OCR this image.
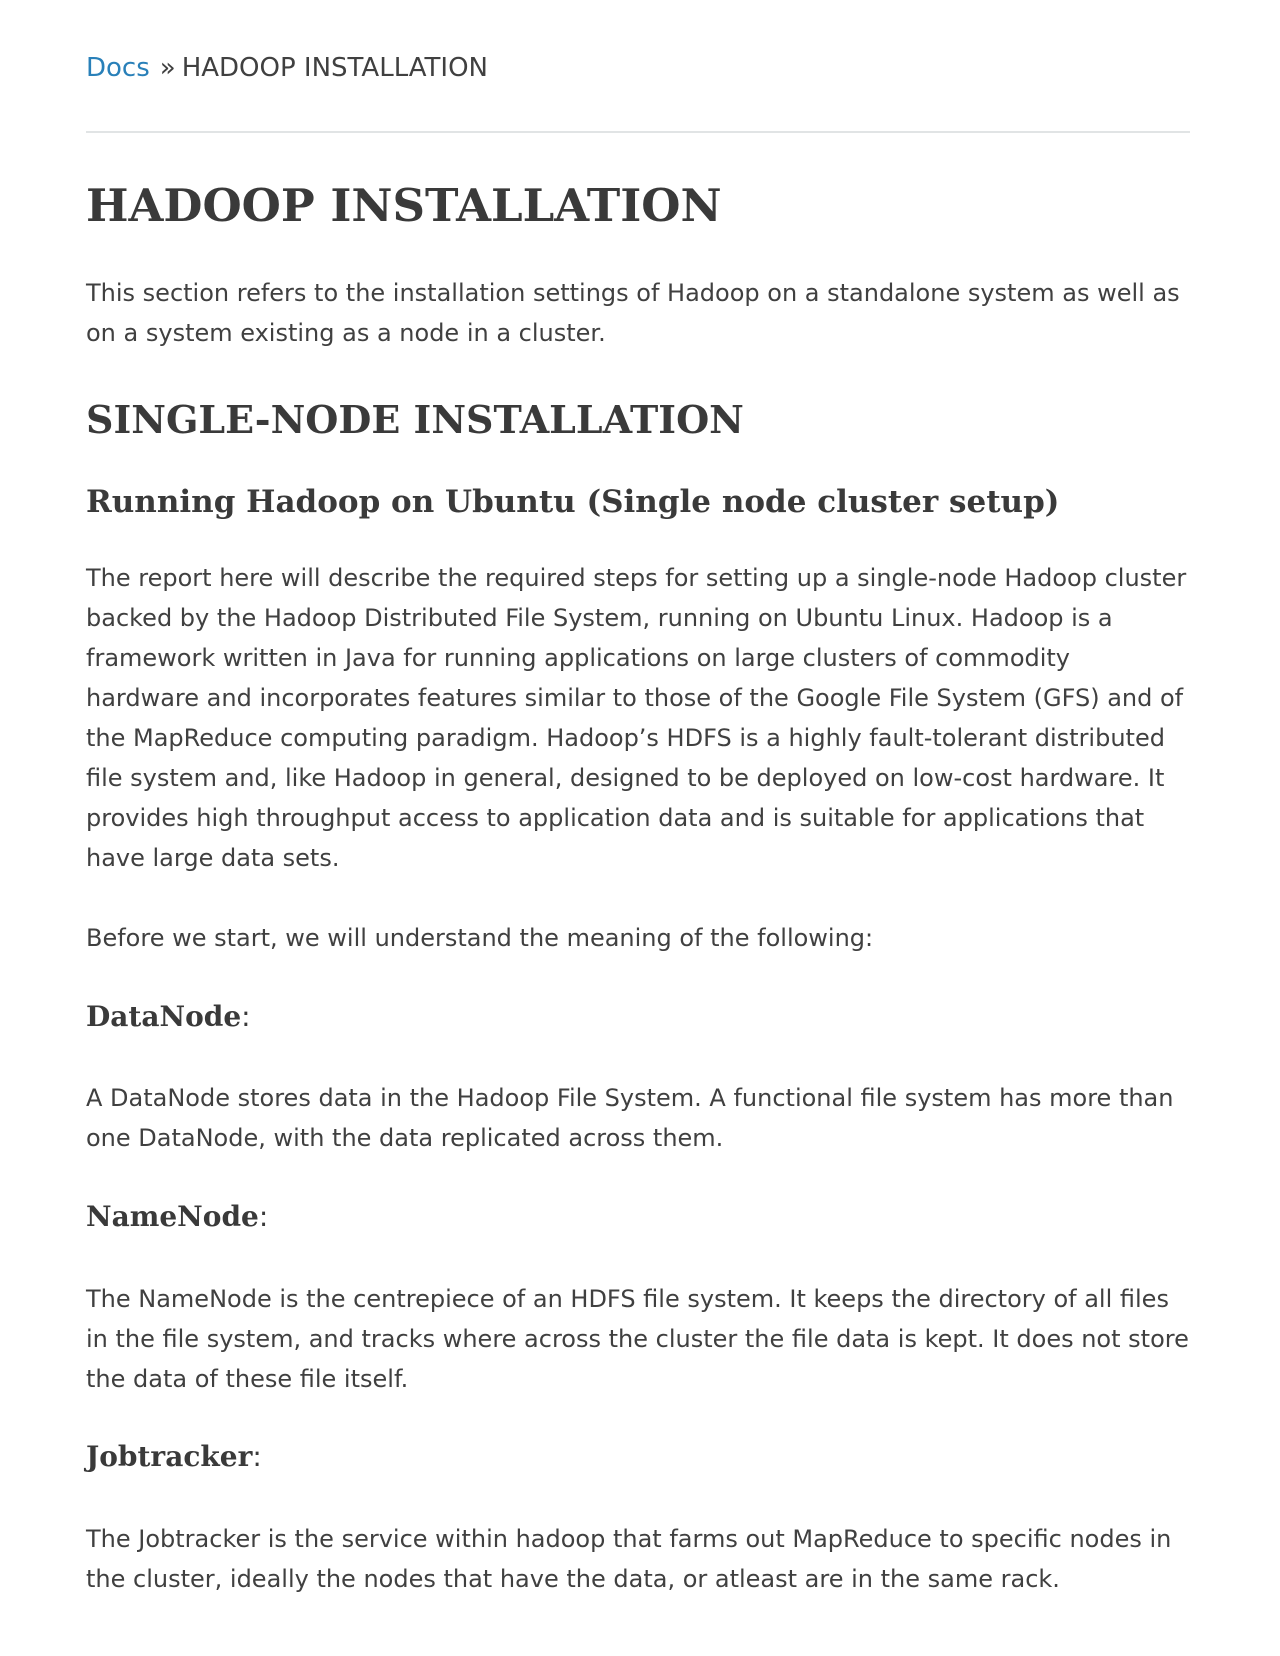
Docs » HADOOP INSTALLATION
HADOOP INSTALLATION

This section refers to the installation settings of Hadoop on a standalone system as well as on a system existing as a node in a cluster.

SINGLE-NODE INSTALLATION
Running Hadoop on Ubuntu (Single node cluster setup)

The report here will describe the required steps for setting up a single-node Hadoop cluster backed by the Hadoop Distributed File System, running on Ubuntu Linux. Hadoop is a framework written in Java for running applications on large clusters of commodity hardware and incorporates features similar to those of the Google File System (GFS) and of the MapReduce computing paradigm. Hadoop’s HDFS is a highly fault-tolerant distributed file system and, like Hadoop in general, designed to be deployed on low-cost hardware. It provides high throughput access to application data and is suitable for applications that have large data sets.

Before we start, we will understand the meaning of the following:

DataNode:

A DataNode stores data in the Hadoop File System. A functional file system has more than one DataNode, with the data replicated across them.

NameNode:

The NameNode is the centrepiece of an HDFS file system. It keeps the directory of all files in the file system, and tracks where across the cluster the file data is kept. It does not store the data of these file itself.

Jobtracker:

The Jobtracker is the service within hadoop that farms out MapReduce to specific nodes in the cluster, ideally the nodes that have the data, or atleast are in the same rack.
